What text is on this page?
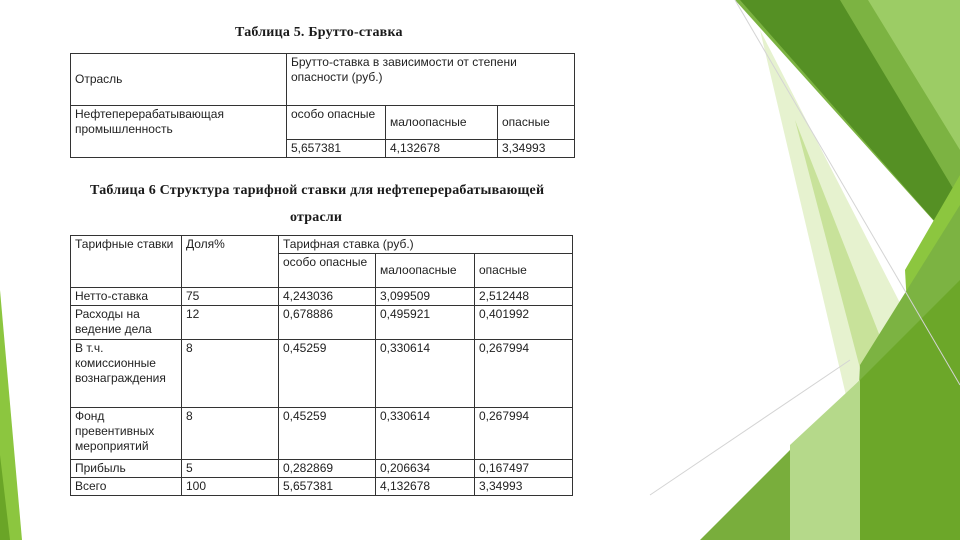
Таблица 5. Брутто-ставка
Отрасль	Брутто-ставка в зависимости от степени опасности (руб.)		
Нефтеперерабатывающая промышленность	особо опасные	малоопасные	опасные
	5,657381	4,132678	3,34993
Таблица 6 Структура тарифной ставки для нефтеперерабатывающей
отрасли
Тарифные ставки	Доля%	Тарифная ставка (руб.)		
		особо опасные	малоопасные	опасные
Нетто-ставка	75	4,243036	3,099509	2,512448
Расходы на ведение дела	12	0,678886	0,495921	0,401992
В т.ч. комиссионные вознаграждения	8	0,45259	0,330614	0,267994
Фонд превентивных мероприятий	8	0,45259	0,330614	0,267994
Прибыль	5	0,282869	0,206634	0,167497
Всего	100	5,657381	4,132678	3,34993
